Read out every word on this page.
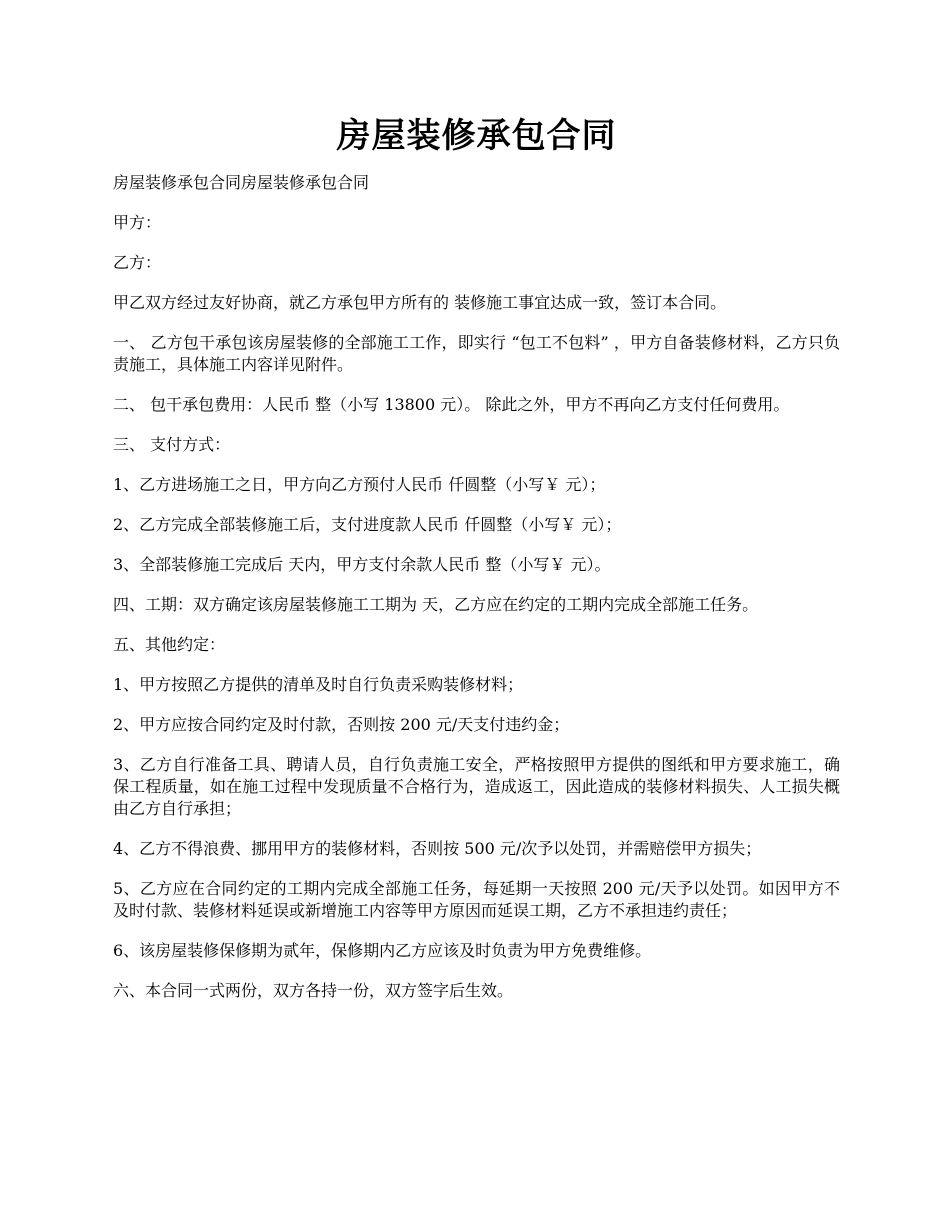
房屋装修承包合同

房屋装修承包合同房屋装修承包合同

甲方：

乙方：

甲乙双方经过友好协商，就乙方承包甲方所有的 装修施工事宜达成一致，签订本合同。

一、 乙方包干承包该房屋装修的全部施工工作，即实行 “包工不包料” ，甲方自备装修材料，乙方只负责施工，具体施工内容详见附件。

二、 包干承包费用：人民币 整（小写 13800 元）。 除此之外，甲方不再向乙方支付任何费用。

三、 支付方式：

1、乙方进场施工之日，甲方向乙方预付人民币 仟圆整（小写￥ 元）；

2、乙方完成全部装修施工后，支付进度款人民币 仟圆整（小写￥ 元）；

3、全部装修施工完成后 天内，甲方支付余款人民币 整（小写￥ 元）。

四、工期：双方确定该房屋装修施工工期为 天，乙方应在约定的工期内完成全部施工任务。

五、其他约定：

1、甲方按照乙方提供的清单及时自行负责采购装修材料；

2、甲方应按合同约定及时付款，否则按 200 元/天支付违约金；

3、乙方自行准备工具、聘请人员，自行负责施工安全，严格按照甲方提供的图纸和甲方要求施工，确保工程质量，如在施工过程中发现质量不合格行为，造成返工，因此造成的装修材料损失、人工损失概由乙方自行承担；

4、乙方不得浪费、挪用甲方的装修材料，否则按 500 元/次予以处罚，并需赔偿甲方损失；

5、乙方应在合同约定的工期内完成全部施工任务，每延期一天按照 200 元/天予以处罚。如因甲方不及时付款、装修材料延误或新增施工内容等甲方原因而延误工期，乙方不承担违约责任；

6、该房屋装修保修期为贰年，保修期内乙方应该及时负责为甲方免费维修。

六、本合同一式两份，双方各持一份，双方签字后生效。
